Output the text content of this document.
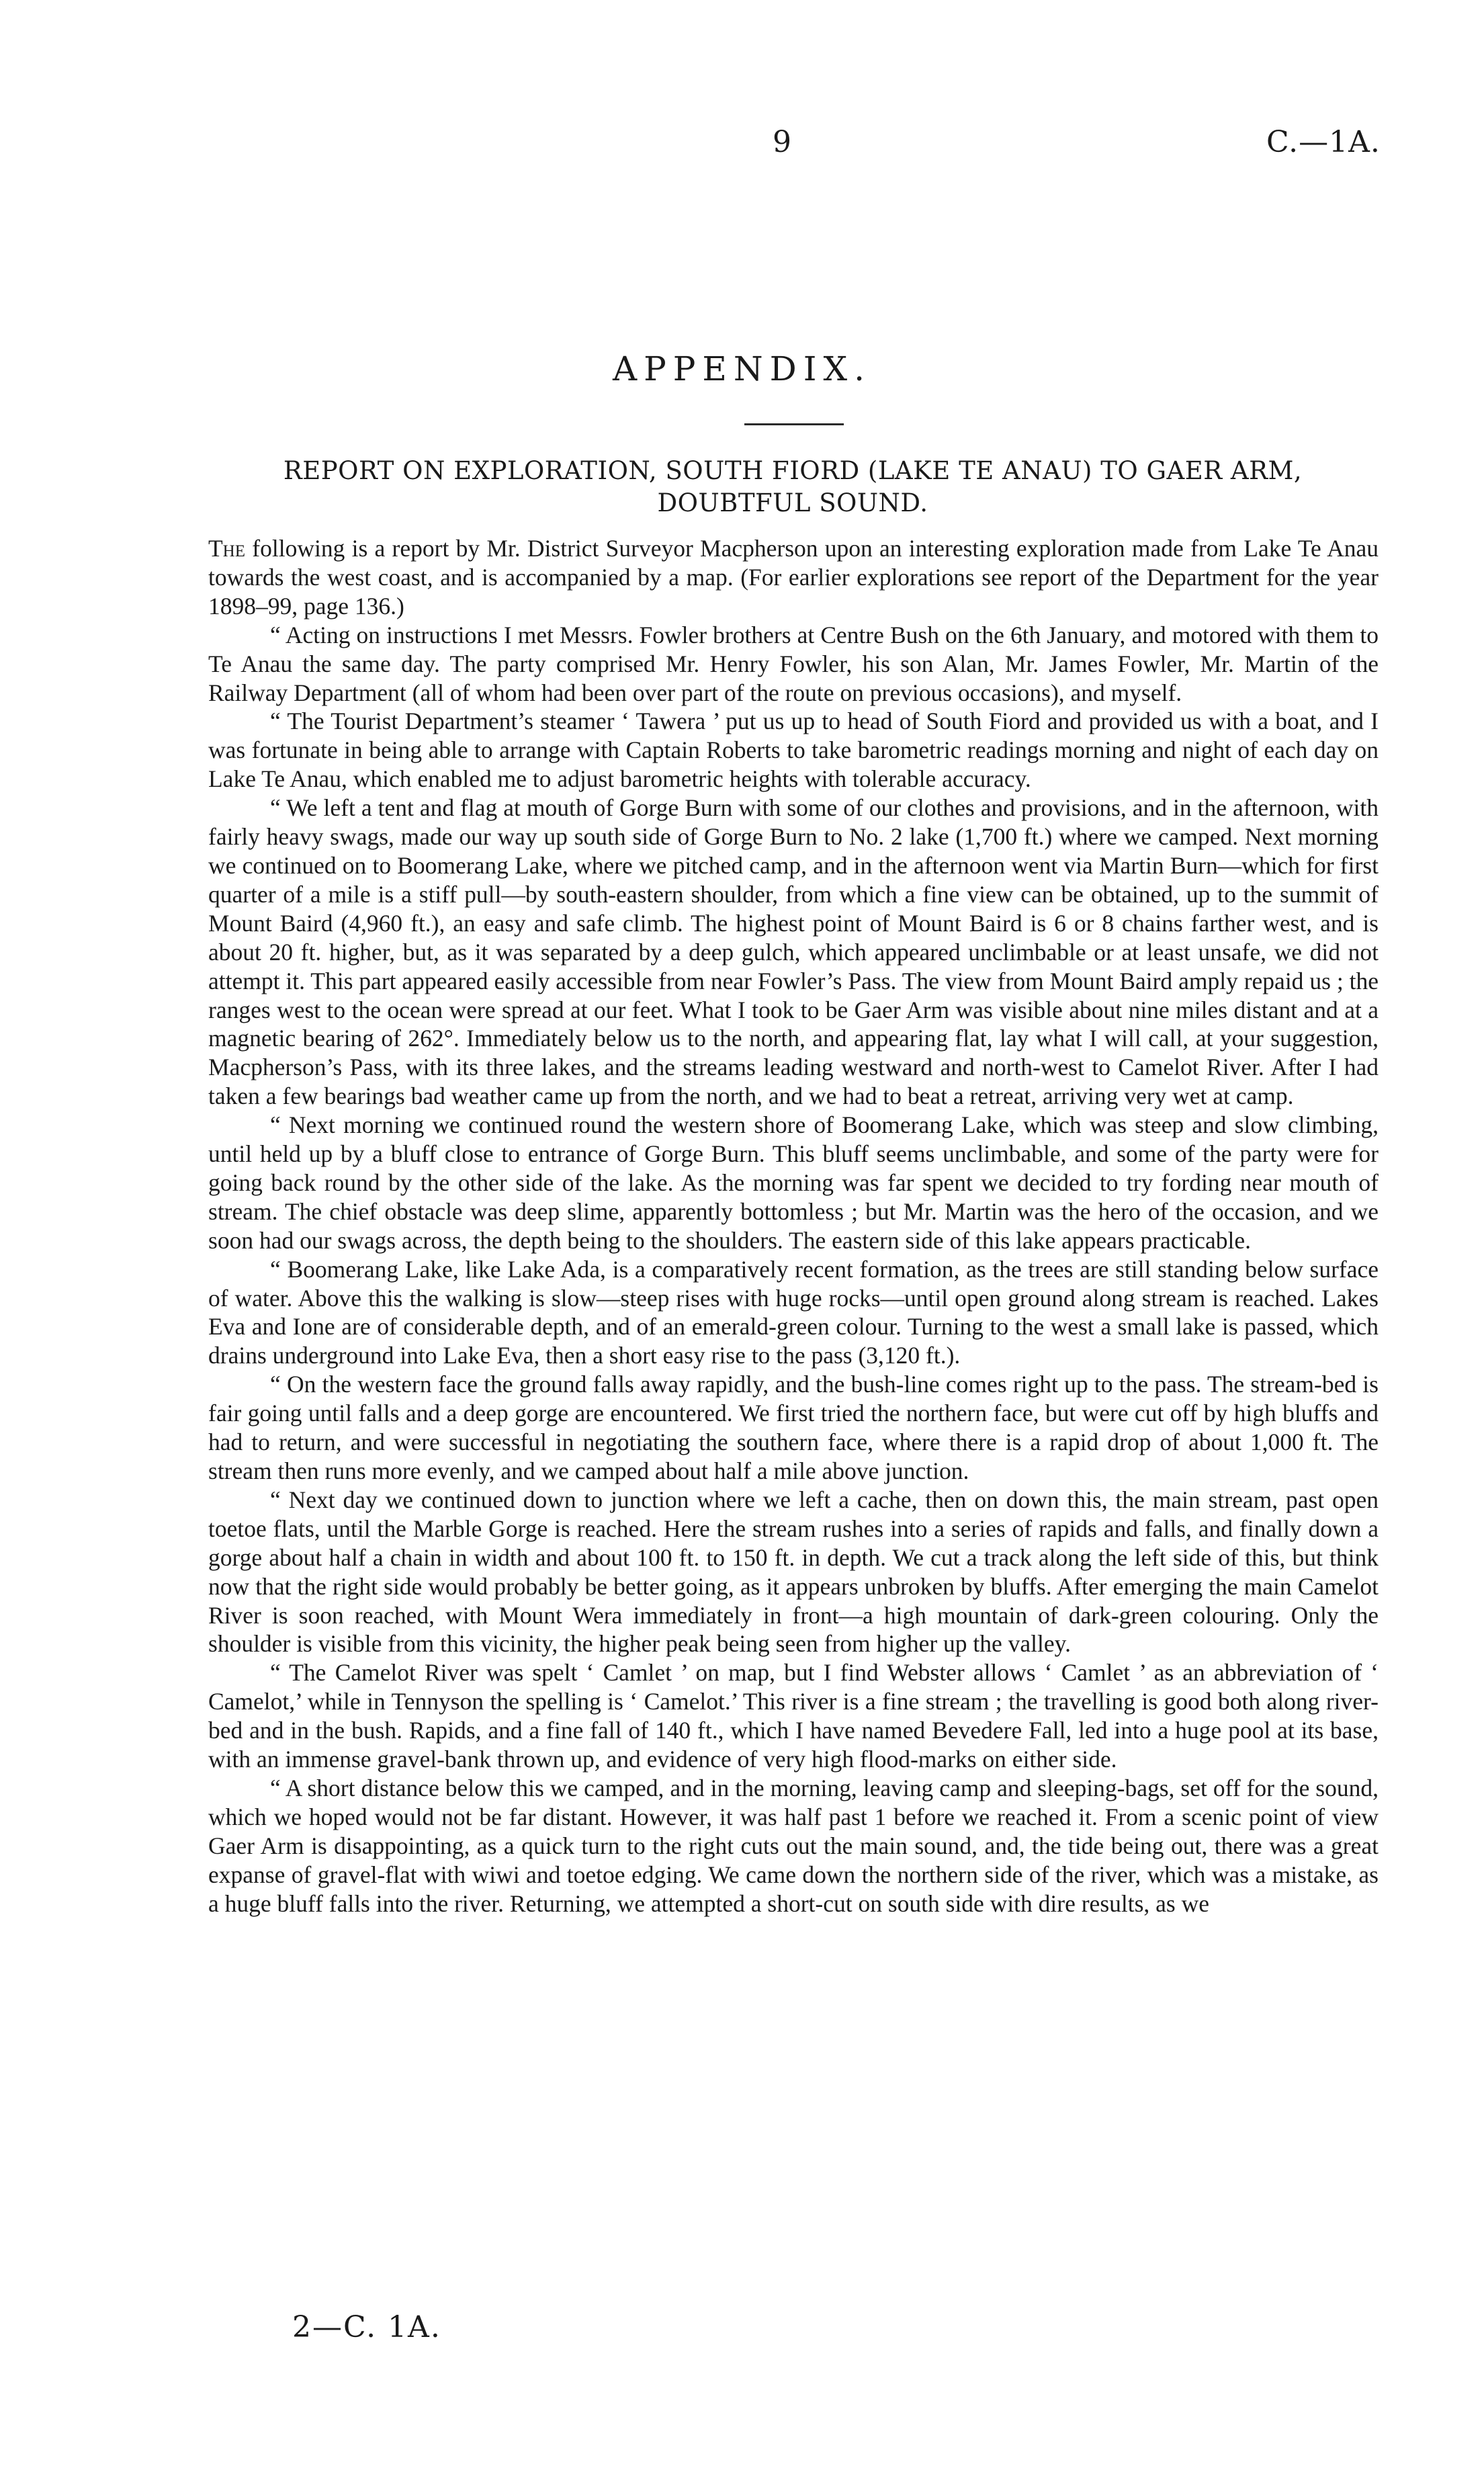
9	C.—1A.
APPENDIX.
REPORT ON EXPLORATION, SOUTH FIORD (LAKE TE ANAU) TO GAER ARM, DOUBTFUL SOUND.

The following is a report by Mr. District Surveyor Macpherson upon an interesting exploration made from Lake Te Anau towards the west coast, and is accompanied by a map. (For earlier explorations see report of the Department for the year 1898–99, page 136.)

“ Acting on instructions I met Messrs. Fowler brothers at Centre Bush on the 6th January, and motored with them to Te Anau the same day. The party comprised Mr. Henry Fowler, his son Alan, Mr. James Fowler, Mr. Martin of the Railway Department (all of whom had been over part of the route on previous occasions), and myself.

“ The Tourist Department’s steamer ‘ Tawera ’ put us up to head of South Fiord and provided us with a boat, and I was fortunate in being able to arrange with Captain Roberts to take barometric readings morning and night of each day on Lake Te Anau, which enabled me to adjust barometric heights with tolerable accuracy.

“ We left a tent and flag at mouth of Gorge Burn with some of our clothes and provisions, and in the afternoon, with fairly heavy swags, made our way up south side of Gorge Burn to No. 2 lake (1,700 ft.) where we camped. Next morning we continued on to Boomerang Lake, where we pitched camp, and in the afternoon went via Martin Burn—which for first quarter of a mile is a stiff pull—by south-eastern shoulder, from which a fine view can be obtained, up to the summit of Mount Baird (4,960 ft.), an easy and safe climb. The highest point of Mount Baird is 6 or 8 chains farther west, and is about 20 ft. higher, but, as it was separated by a deep gulch, which appeared unclimbable or at least unsafe, we did not attempt it. This part appeared easily accessible from near Fowler’s Pass. The view from Mount Baird amply repaid us ; the ranges west to the ocean were spread at our feet. What I took to be Gaer Arm was visible about nine miles distant and at a magnetic bearing of 262°. Immediately below us to the north, and appearing flat, lay what I will call, at your suggestion, Macpherson’s Pass, with its three lakes, and the streams leading westward and north-west to Camelot River. After I had taken a few bearings bad weather came up from the north, and we had to beat a retreat, arriving very wet at camp.

“ Next morning we continued round the western shore of Boomerang Lake, which was steep and slow climbing, until held up by a bluff close to entrance of Gorge Burn. This bluff seems unclimbable, and some of the party were for going back round by the other side of the lake. As the morning was far spent we decided to try fording near mouth of stream. The chief obstacle was deep slime, apparently bottomless ; but Mr. Martin was the hero of the occasion, and we soon had our swags across, the depth being to the shoulders. The eastern side of this lake appears practicable.

“ Boomerang Lake, like Lake Ada, is a comparatively recent formation, as the trees are still standing below surface of water. Above this the walking is slow—steep rises with huge rocks—until open ground along stream is reached. Lakes Eva and Ione are of considerable depth, and of an emerald-green colour. Turning to the west a small lake is passed, which drains underground into Lake Eva, then a short easy rise to the pass (3,120 ft.).

“ On the western face the ground falls away rapidly, and the bush-line comes right up to the pass. The stream-bed is fair going until falls and a deep gorge are encountered. We first tried the northern face, but were cut off by high bluffs and had to return, and were successful in negotiating the southern face, where there is a rapid drop of about 1,000 ft. The stream then runs more evenly, and we camped about half a mile above junction.

“ Next day we continued down to junction where we left a cache, then on down this, the main stream, past open toetoe flats, until the Marble Gorge is reached. Here the stream rushes into a series of rapids and falls, and finally down a gorge about half a chain in width and about 100 ft. to 150 ft. in depth. We cut a track along the left side of this, but think now that the right side would probably be better going, as it appears unbroken by bluffs. After emerging the main Camelot River is soon reached, with Mount Wera immediately in front—a high mountain of dark-green colouring. Only the shoulder is visible from this vicinity, the higher peak being seen from higher up the valley.

“ The Camelot River was spelt ‘ Camlet ’ on map, but I find Webster allows ‘ Camlet ’ as an abbreviation of ‘ Camelot,’ while in Tennyson the spelling is ‘ Camelot.’ This river is a fine stream ; the travelling is good both along river-bed and in the bush. Rapids, and a fine fall of 140 ft., which I have named Bevedere Fall, led into a huge pool at its base, with an immense gravel-bank thrown up, and evidence of very high flood-marks on either side.

“ A short distance below this we camped, and in the morning, leaving camp and sleeping-bags, set off for the sound, which we hoped would not be far distant. However, it was half past 1 before we reached it. From a scenic point of view Gaer Arm is disappointing, as a quick turn to the right cuts out the main sound, and, the tide being out, there was a great expanse of gravel-flat with wiwi and toetoe edging. We came down the northern side of the river, which was a mistake, as a huge bluff falls into the river. Returning, we attempted a short-cut on south side with dire results, as we

2—C. 1A.
